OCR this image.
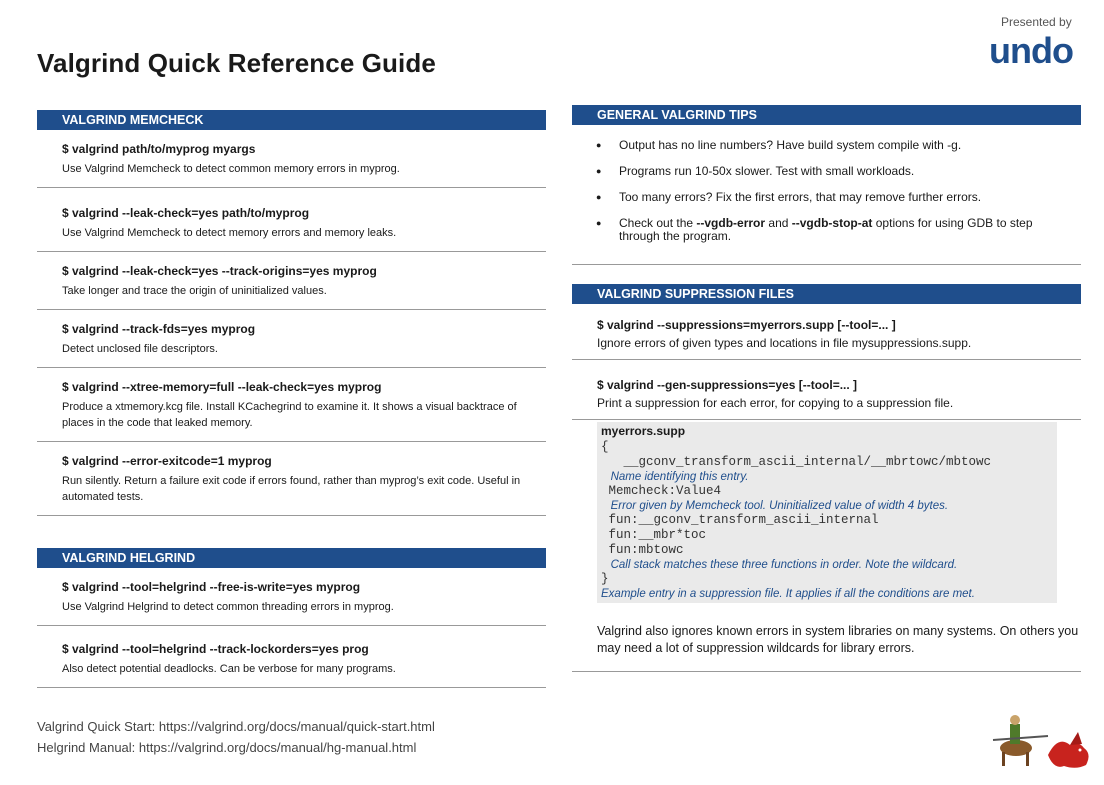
Valgrind Quick Reference Guide
Presented by
undo
VALGRIND MEMCHECK
$ valgrind path/to/myprog myargs
Use Valgrind Memcheck to detect common memory errors in myprog.
$ valgrind --leak-check=yes path/to/myprog
Use Valgrind Memcheck to detect memory errors and memory leaks.
$ valgrind --leak-check=yes --track-origins=yes myprog
Take longer and trace the origin of uninitialized values.
$ valgrind --track-fds=yes myprog
Detect unclosed file descriptors.
$ valgrind --xtree-memory=full --leak-check=yes myprog
Produce a xtmemory.kcg file. Install KCachegrind to examine it. It shows a visual backtrace of places in the code that leaked memory.
$ valgrind --error-exitcode=1 myprog
Run silently. Return a failure exit code if errors found, rather than myprog’s exit code. Useful in automated tests.
VALGRIND HELGRIND
$ valgrind --tool=helgrind --free-is-write=yes myprog
Use Valgrind Helgrind to detect common threading errors in myprog.
$ valgrind --tool=helgrind --track-lockorders=yes prog
Also detect potential deadlocks. Can be verbose for many programs.
GENERAL VALGRIND TIPS
● Output has no line numbers? Have build system compile with -g.
● Programs run 10-50x slower. Test with small workloads.
● Too many errors? Fix the first errors, that may remove further errors.
● Check out the --vgdb-error and --vgdb-stop-at options for using GDB to step through the program.
VALGRIND SUPPRESSION FILES
$ valgrind --suppressions=myerrors.supp [--tool=... ]
Ignore errors of given types and locations in file mysuppressions.supp.
$ valgrind --gen-suppressions=yes [--tool=... ]
Print a suppression for each error, for copying to a suppression file.
myerrors.supp
{
__gconv_transform_ascii_internal/__mbrtowc/mbtowc
Name identifying this entry.
Memcheck:Value4
Error given by Memcheck tool. Uninitialized value of width 4 bytes.
fun:__gconv_transform_ascii_internal
fun:__mbr*toc
fun:mbtowc
Call stack matches these three functions in order. Note the wildcard.
}
Example entry in a suppression file. It applies if all the conditions are met.
Valgrind also ignores known errors in system libraries on many systems. On others you may need a lot of suppression wildcards for library errors.
Valgrind Quick Start: https://valgrind.org/docs/manual/quick-start.html
Helgrind Manual: https://valgrind.org/docs/manual/hg-manual.html
